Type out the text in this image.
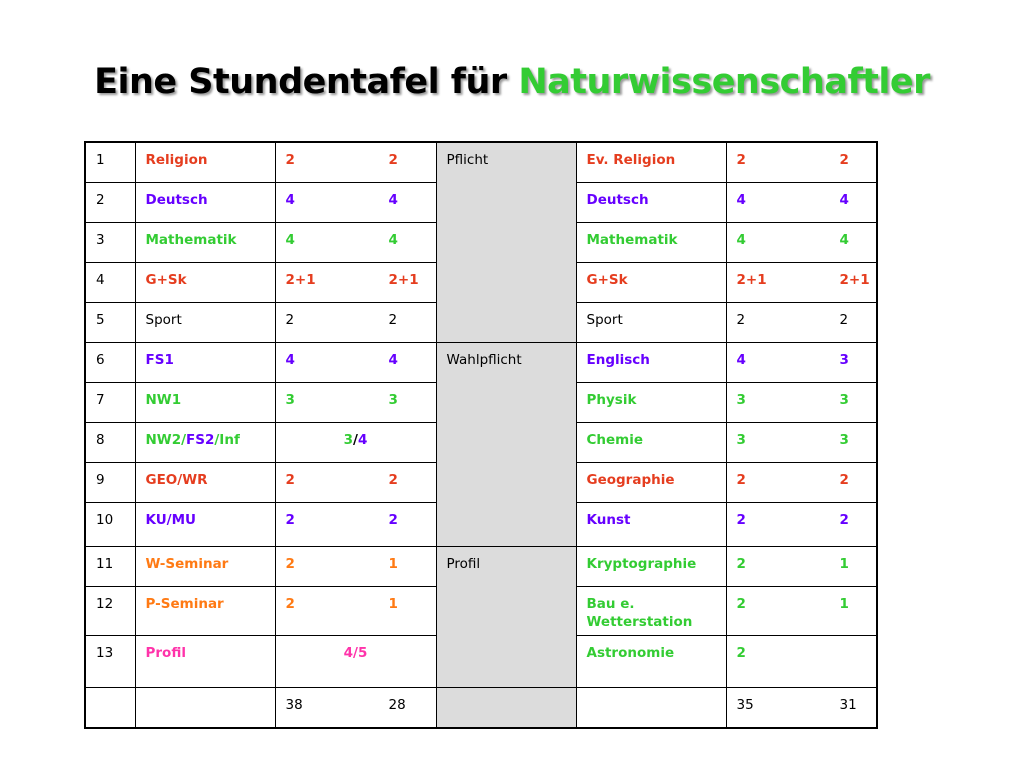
Eine Stundentafel für Naturwissenschaftler
1	Religion	2 2	Pflicht	Ev. Religion	2 2
2	Deutsch	4 4		Deutsch	4 4
3	Mathematik	4 4		Mathematik	4 4
4	G+Sk	2+1 2+1		G+Sk	2+1 2+1
5	Sport	2 2		Sport	2 2
6	FS1	4 4	Wahlpflicht	Englisch	4 3
7	NW1	3 3		Physik	3 3
8	NW2/FS2/Inf	3/4		Chemie	3 3
9	GEO/WR	2 2		Geographie	2 2
10	KU/MU	2 2		Kunst	2 2
11	W-Seminar	2 1	Profil	Kryptographie	2 1
12	P-Seminar	2 1		Bau e. Wetterstation	2 1
13	Profil	4/5		Astronomie	2
		38 28			35 31
